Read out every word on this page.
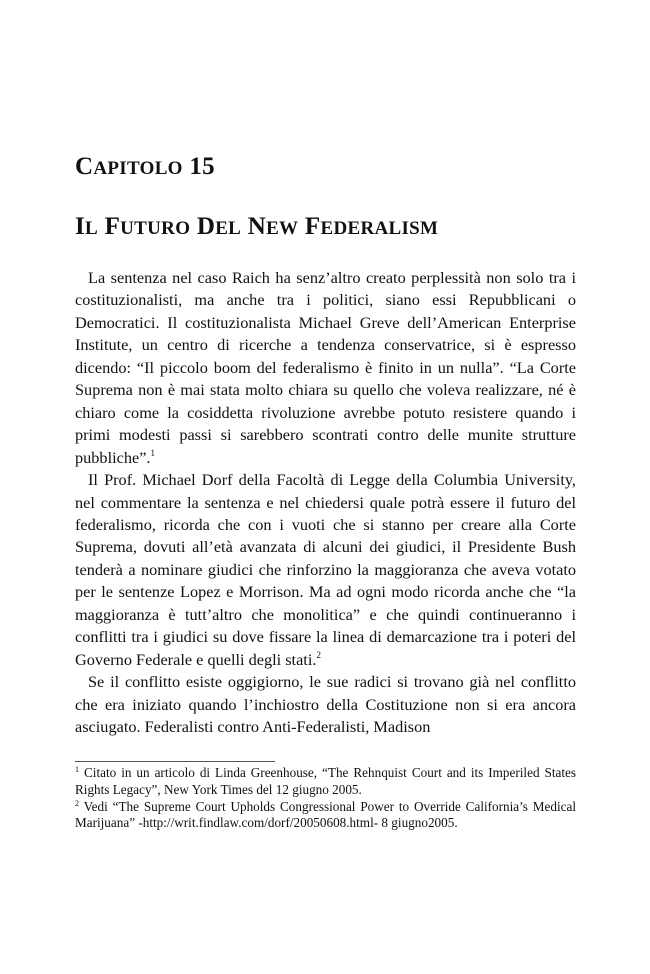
CAPITOLO 15
IL FUTURO DEL NEW FEDERALISM

La sentenza nel caso Raich ha senz’altro creato perplessità non solo tra i costituzionalisti, ma anche tra i politici, siano essi Repubblicani o Democratici. Il costituzionalista Michael Greve dell’American Enterprise Institute, un centro di ricerche a tendenza conservatrice, si è espresso dicendo: “Il piccolo boom del federalismo è finito in un nulla”. “La Corte Suprema non è mai stata molto chiara su quello che voleva realizzare, né è chiaro come la cosiddetta rivoluzione avrebbe potuto resistere quando i primi modesti passi si sarebbero scontrati contro delle munite strutture pubbliche”.$^1$

Il Prof. Michael Dorf della Facoltà di Legge della Columbia University, nel commentare la sentenza e nel chiedersi quale potrà essere il futuro del federalismo, ricorda che con i vuoti che si stanno per creare alla Corte Suprema, dovuti all’età avanzata di alcuni dei giudici, il Presidente Bush tenderà a nominare giudici che rinforzino la maggioranza che aveva votato per le sentenze Lopez e Morrison. Ma ad ogni modo ricorda anche che “la maggioranza è tutt’altro che monolitica” e che quindi continueranno i conflitti tra i giudici su dove fissare la linea di demarcazione tra i poteri del Governo Federale e quelli degli stati.$^2$

Se il conflitto esiste oggigiorno, le sue radici si trovano già nel conflitto che era iniziato quando l’inchiostro della Costituzione non si era ancora asciugato. Federalisti contro Anti-Federalisti, Madison

$^1$ Citato in un articolo di Linda Greenhouse, “The Rehnquist Court and its Imperiled States Rights Legacy”, New York Times del 12 giugno 2005.

$^2$ Vedi “The Supreme Court Upholds Congressional Power to Override California’s Medical Marijuana” -http://writ.findlaw.com/dorf/20050608.html- 8 giugno2005.
